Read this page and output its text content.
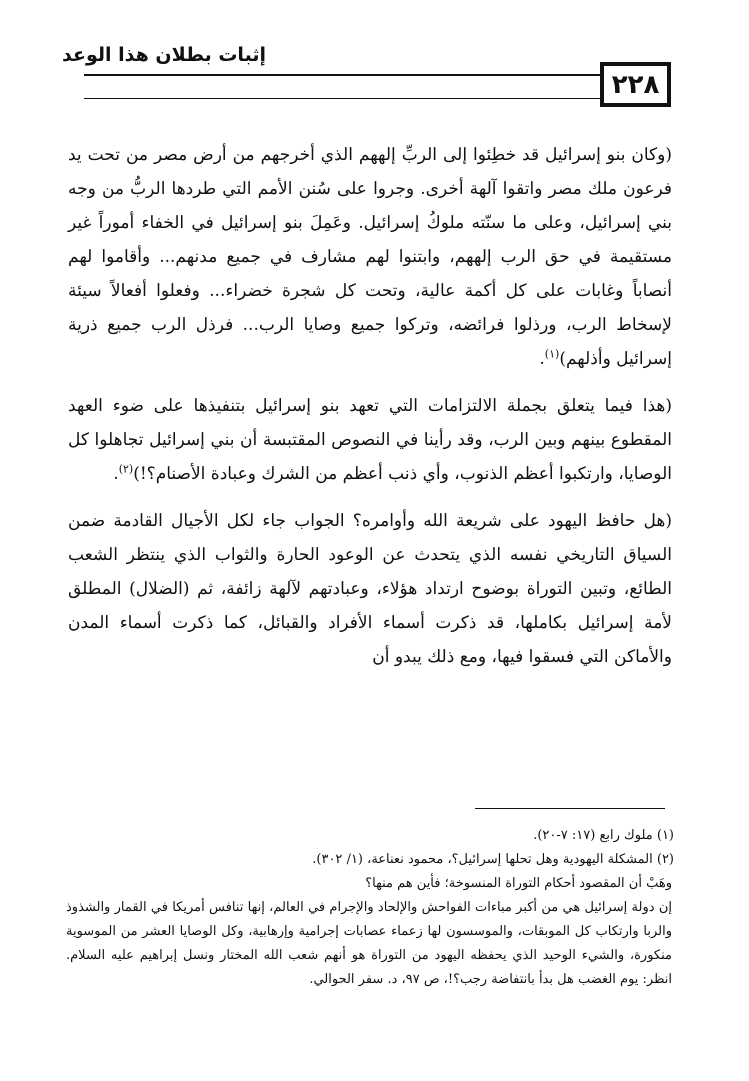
إثبات بطلان هذا الوعد
٢٢٨

(وكان بنو إسرائيل قد خطِئوا إلى الربِّ إلههم الذي أخرجهم من أرض مصر من تحت يد فرعون ملك مصر واتقوا آلهة أخرى. وجروا على سُنن الأمم التي طردها الربُّ من وجه بني إسرائيل، وعلى ما سنّته ملوكُ إسرائيل. وعَمِلَ بنو إسرائيل في الخفاء أموراً غير مستقيمة في حق الرب إلههم، وابتنوا لهم مشارف في جميع مدنهم... وأقاموا لهم أنصاباً وغابات على كل أكمة عالية، وتحت كل شجرة خضراء... وفعلوا أفعالاً سيئة لإسخاط الرب، ورذلوا فرائضه، وتركوا جميع وصايا الرب... فرذل الرب جميع ذرية إسرائيل وأذلهم)$^{(١)}$.

(هذا فيما يتعلق بجملة الالتزامات التي تعهد بنو إسرائيل بتنفيذها على ضوء العهد المقطوع بينهم وبين الرب، وقد رأينا في النصوص المقتبسة أن بني إسرائيل تجاهلوا كل الوصايا، وارتكبوا أعظم الذنوب، وأي ذنب أعظم من الشرك وعبادة الأصنام؟!)$^{(٢)}$.

(هل حافظ اليهود على شريعة الله وأوامره؟ الجواب جاء لكل الأجيال القادمة ضمن السياق التاريخي نفسه الذي يتحدث عن الوعود الحارة والثواب الذي ينتظر الشعب الطائع، وتبين التوراة بوضوح ارتداد هؤلاء، وعبادتهم لآلهة زائفة، ثم (الضلال) المطلق لأمة إسرائيل بكاملها، قد ذكرت أسماء الأفراد والقبائل، كما ذكرت أسماء المدن والأماكن التي فسقوا فيها، ومع ذلك يبدو أن

(١) ملوك رابع (١٧: ٧-٢٠).

(٢) المشكلة اليهودية وهل تحلها إسرائيل؟، محمود نعناعة، (١/ ٣٠٢).

وهَبْ أن المقصود أحكام التوراة المنسوخة؛ فأين هم منها؟

إن دولة إسرائيل هي من أكبر مباءات الفواحش والإلحاد والإجرام في العالم، إنها تنافس أمريكا في القمار والشذوذ والربا وارتكاب كل الموبقات، والموسسون لها زعماء عصابات إجرامية وإرهابية، وكل الوصايا العشر من الموسوية منكورة، والشيء الوحيد الذي يحفظه اليهود من التوراة هو أنهم شعب الله المختار ونسل إبراهيم عليه السلام. انظر: يوم الغضب هل بدأ بانتفاضة رجب؟!، ص ٩٧، د. سفر الحوالي.
